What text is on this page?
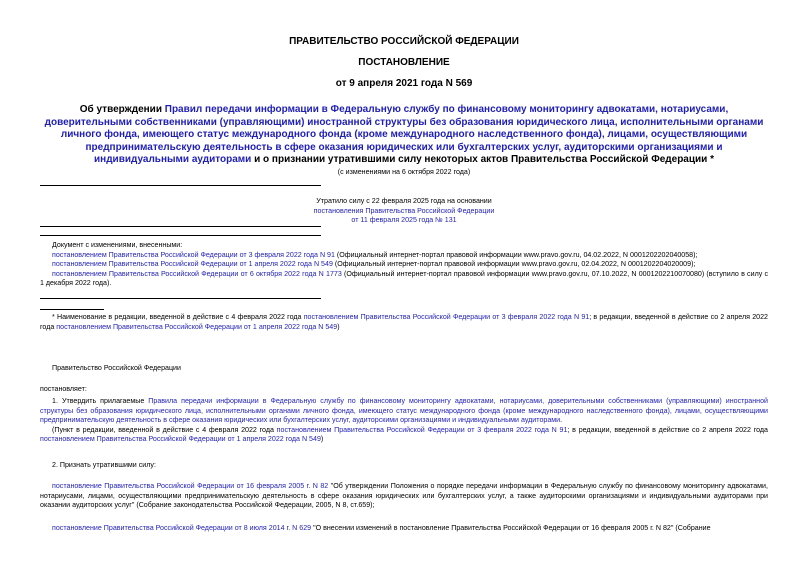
ПРАВИТЕЛЬСТВО РОССИЙСКОЙ ФЕДЕРАЦИИ
ПОСТАНОВЛЕНИЕ
от 9 апреля 2021 года N 569
Об утверждении Правил передачи информации в Федеральную службу по финансовому мониторингу адвокатами, нотариусами, доверительными собственниками (управляющими) иностранной структуры без образования юридического лица, исполнительными органами личного фонда, имеющего статус международного фонда (кроме международного наследственного фонда), лицами, осуществляющими предпринимательскую деятельность в сфере оказания юридических или бухгалтерских услуг, аудиторскими организациями и индивидуальными аудиторами и о признании утратившими силу некоторых актов Правительства Российской Федерации *
(с изменениями на 6 октября 2022 года)

Утратило силу с 22 февраля 2025 года на основании

постановления Правительства Российской Федерации

от 11 февраля 2025 года № 131

Документ с изменениями, внесенными:

постановлением Правительства Российской Федерации от 3 февраля 2022 года N 91 (Официальный интернет-портал правовой информации www.pravo.gov.ru, 04.02.2022, N 0001202202040058);

постановлением Правительства Российской Федерации от 1 апреля 2022 года N 549 (Официальный интернет-портал правовой информации www.pravo.gov.ru, 02.04.2022, N 0001202204020009);

постановлением Правительства Российской Федерации от 6 октября 2022 года N 1773 (Официальный интернет-портал правовой информации www.pravo.gov.ru, 07.10.2022, N 0001202210070080) (вступило в силу с 1 декабря 2022 года).

* Наименование в редакции, введенной в действие с 4 февраля 2022 года постановлением Правительства Российской Федерации от 3 февраля 2022 года N 91; в редакции, введенной в действие со 2 апреля 2022 года постановлением Правительства Российской Федерации от 1 апреля 2022 года N 549)

Правительство Российской Федерации

постановляет:

1. Утвердить прилагаемые Правила передачи информации в Федеральную службу по финансовому мониторингу адвокатами, нотариусами, доверительными собственниками (управляющими) иностранной структуры без образования юридического лица, исполнительными органами личного фонда, имеющего статус международного фонда (кроме международного наследственного фонда), лицами, осуществляющими предпринимательскую деятельность в сфере оказания юридических или бухгалтерских услуг, аудиторскими организациями и индивидуальными аудиторами.

(Пункт в редакции, введенной в действие с 4 февраля 2022 года постановлением Правительства Российской Федерации от 3 февраля 2022 года N 91; в редакции, введенной в действие со 2 апреля 2022 года постановлением Правительства Российской Федерации от 1 апреля 2022 года N 549)

2. Признать утратившими силу:

постановление Правительства Российской Федерации от 16 февраля 2005 г. N 82 "Об утверждении Положения о порядке передачи информации в Федеральную службу по финансовому мониторингу адвокатами, нотариусами, лицами, осуществляющими предпринимательскую деятельность в сфере оказания юридических или бухгалтерских услуг, а также аудиторскими организациями и индивидуальными аудиторами при оказании аудиторских услуг" (Собрание законодательства Российской Федерации, 2005, N 8, ст.659);

постановление Правительства Российской Федерации от 8 июля 2014 г. N 629 "О внесении изменений в постановление Правительства Российской Федерации от 16 февраля 2005 г. N 82" (Собрание
